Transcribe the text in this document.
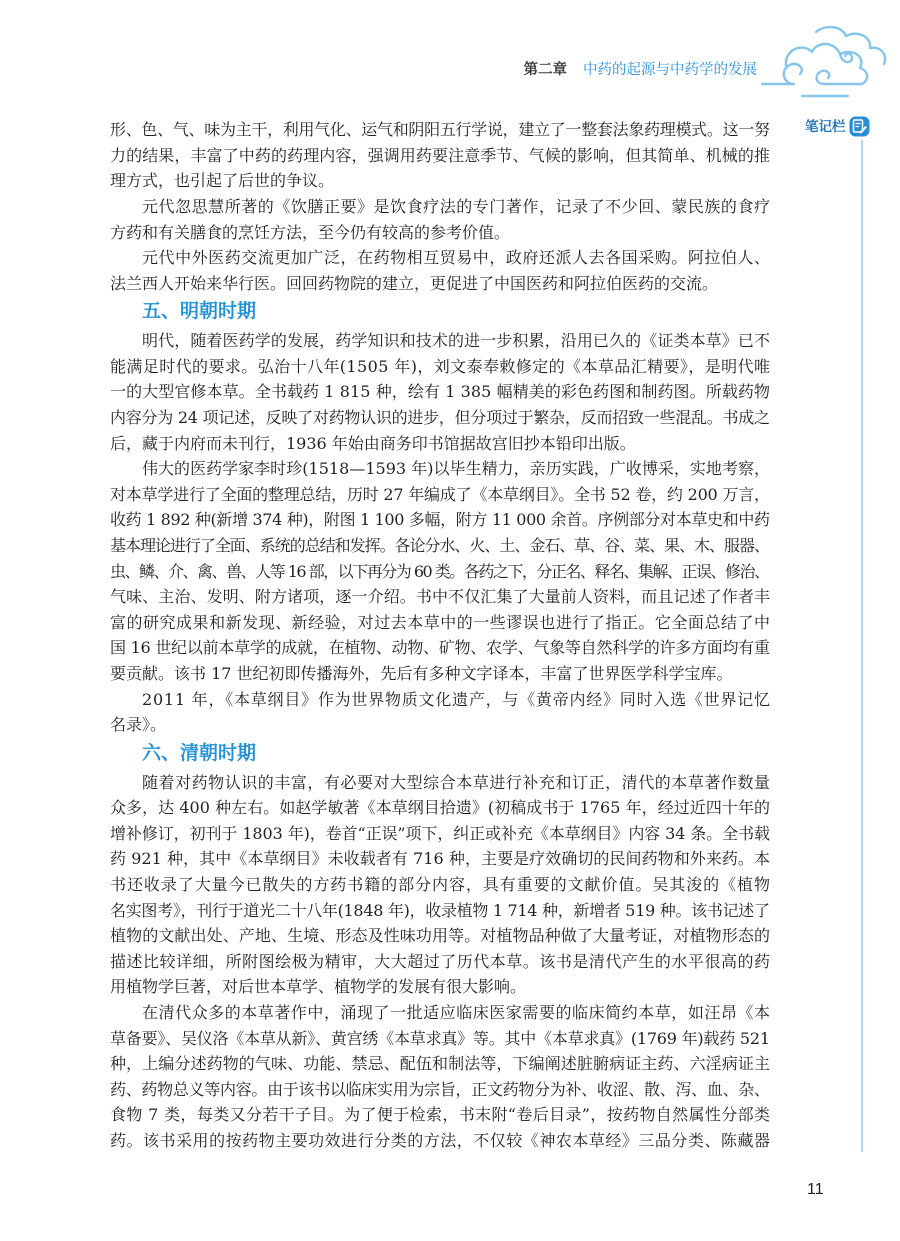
第二章 中药的起源与中药学的发展
笔记栏
形、色、气、味为主干，利用气化、运气和阴阳五行学说，建立了一整套法象药理模式。这一努
力的结果，丰富了中药的药理内容，强调用药要注意季节、气候的影响，但其简单、机械的推
理方式，也引起了后世的争议。
元代忽思慧所著的《饮膳正要》是饮食疗法的专门著作，记录了不少回、蒙民族的食疗
方药和有关膳食的烹饪方法，至今仍有较高的参考价值。
元代中外医药交流更加广泛，在药物相互贸易中，政府还派人去各国采购。阿拉伯人、
法兰西人开始来华行医。回回药物院的建立，更促进了中国医药和阿拉伯医药的交流。
五、明朝时期
明代，随着医药学的发展，药学知识和技术的进一步积累，沿用已久的《证类本草》已不
能满足时代的要求。弘治十八年(1505 年)，刘文泰奉敕修定的《本草品汇精要》，是明代唯
一的大型官修本草。全书载药 1 815 种，绘有 1 385 幅精美的彩色药图和制药图。所载药物
内容分为 24 项记述，反映了对药物认识的进步，但分项过于繁杂，反而招致一些混乱。书成之
后，藏于内府而未刊行，1936 年始由商务印书馆据故宫旧抄本铅印出版。
伟大的医药学家李时珍(1518—1593 年)以毕生精力，亲历实践，广收博采，实地考察，
对本草学进行了全面的整理总结，历时 27 年编成了《本草纲目》。全书 52 卷，约 200 万言，
收药 1 892 种(新增 374 种)，附图 1 100 多幅，附方 11 000 余首。序例部分对本草史和中药
基本理论进行了全面、系统的总结和发挥。各论分水、火、土、金石、草、谷、菜、果、木、服器、
虫、鳞、介、禽、兽、人等 16 部，以下再分为 60 类。各药之下，分正名、释名、集解、正误、修治、
气味、主治、发明、附方诸项，逐一介绍。书中不仅汇集了大量前人资料，而且记述了作者丰
富的研究成果和新发现、新经验，对过去本草中的一些谬误也进行了指正。它全面总结了中
国 16 世纪以前本草学的成就，在植物、动物、矿物、农学、气象等自然科学的许多方面均有重
要贡献。该书 17 世纪初即传播海外，先后有多种文字译本，丰富了世界医学科学宝库。
2011 年，《本草纲目》作为世界物质文化遗产，与《黄帝内经》同时入选《世界记忆
名录》。
六、清朝时期
随着对药物认识的丰富，有必要对大型综合本草进行补充和订正，清代的本草著作数量
众多，达 400 种左右。如赵学敏著《本草纲目拾遗》(初稿成书于 1765 年，经过近四十年的
增补修订，初刊于 1803 年)，卷首“正误”项下，纠正或补充《本草纲目》内容 34 条。全书载
药 921 种，其中《本草纲目》未收载者有 716 种，主要是疗效确切的民间药物和外来药。本
书还收录了大量今已散失的方药书籍的部分内容，具有重要的文献价值。吴其浚的《植物
名实图考》，刊行于道光二十八年(1848 年)，收录植物 1 714 种，新增者 519 种。该书记述了
植物的文献出处、产地、生境、形态及性味功用等。对植物品种做了大量考证，对植物形态的
描述比较详细，所附图绘极为精审，大大超过了历代本草。该书是清代产生的水平很高的药
用植物学巨著，对后世本草学、植物学的发展有很大影响。
在清代众多的本草著作中，涌现了一批适应临床医家需要的临床简约本草，如汪昂《本
草备要》、吴仪洛《本草从新》、黄宫绣《本草求真》等。其中《本草求真》(1769 年)载药 521
种，上编分述药物的气味、功能、禁忌、配伍和制法等，下编阐述脏腑病证主药、六淫病证主
药、药物总义等内容。由于该书以临床实用为宗旨，正文药物分为补、收涩、散、泻、血、杂、
食物 7 类，每类又分若干子目。为了便于检索，书末附“卷后目录”，按药物自然属性分部类
药。该书采用的按药物主要功效进行分类的方法，不仅较《神农本草经》三品分类、陈藏器
11
